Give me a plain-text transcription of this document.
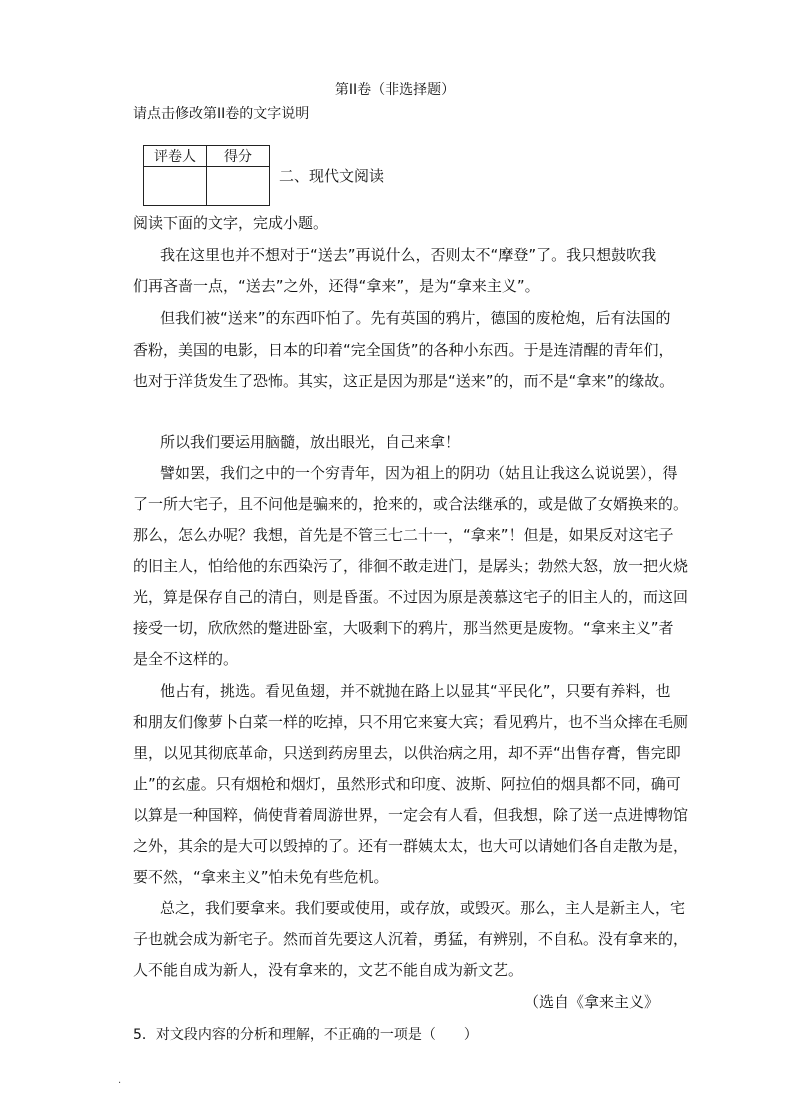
第II卷（非选择题）
请点击修改第II卷的文字说明
评卷人	得分

二、现代文阅读
阅读下面的文字，完成小题。
我在这里也并不想对于“送去”再说什么，否则太不“摩登”了。我只想鼓吹我
们再吝啬一点，“送去”之外，还得“拿来”，是为“拿来主义”。
但我们被“送来”的东西吓怕了。先有英国的鸦片，德国的废枪炮，后有法国的
香粉，美国的电影，日本的印着“完全国货”的各种小东西。于是连清醒的青年们，
也对于洋货发生了恐怖。其实，这正是因为那是“送来”的，而不是“拿来”的缘故。
所以我们要运用脑髓，放出眼光，自己来拿！
譬如罢，我们之中的一个穷青年，因为祖上的阴功（姑且让我这么说说罢），得
了一所大宅子，且不问他是骗来的，抢来的，或合法继承的，或是做了女婿换来的。
那么，怎么办呢？我想，首先是不管三七二十一，“拿来”！但是，如果反对这宅子
的旧主人，怕给他的东西染污了，徘徊不敢走进门，是孱头；勃然大怒，放一把火烧
光，算是保存自己的清白，则是昏蛋。不过因为原是羡慕这宅子的旧主人的，而这回
接受一切，欣欣然的蹩进卧室，大吸剩下的鸦片，那当然更是废物。“拿来主义”者
是全不这样的。
他占有，挑选。看见鱼翅，并不就抛在路上以显其“平民化”，只要有养料，也
和朋友们像萝卜白菜一样的吃掉，只不用它来宴大宾；看见鸦片，也不当众摔在毛厕
里，以见其彻底革命，只送到药房里去，以供治病之用，却不弄“出售存膏，售完即
止”的玄虚。只有烟枪和烟灯，虽然形式和印度、波斯、阿拉伯的烟具都不同，确可
以算是一种国粹，倘使背着周游世界，一定会有人看，但我想，除了送一点进博物馆
之外，其余的是大可以毁掉的了。还有一群姨太太，也大可以请她们各自走散为是，
要不然，“拿来主义”怕未免有些危机。
总之，我们要拿来。我们要或使用，或存放，或毁灭。那么，主人是新主人，宅
子也就会成为新宅子。然而首先要这人沉着，勇猛，有辨别，不自私。没有拿来的，
人不能自成为新人，没有拿来的，文艺不能自成为新文艺。
（选自《拿来主义》
5．对文段内容的分析和理解，不正确的一项是（　　）
.
